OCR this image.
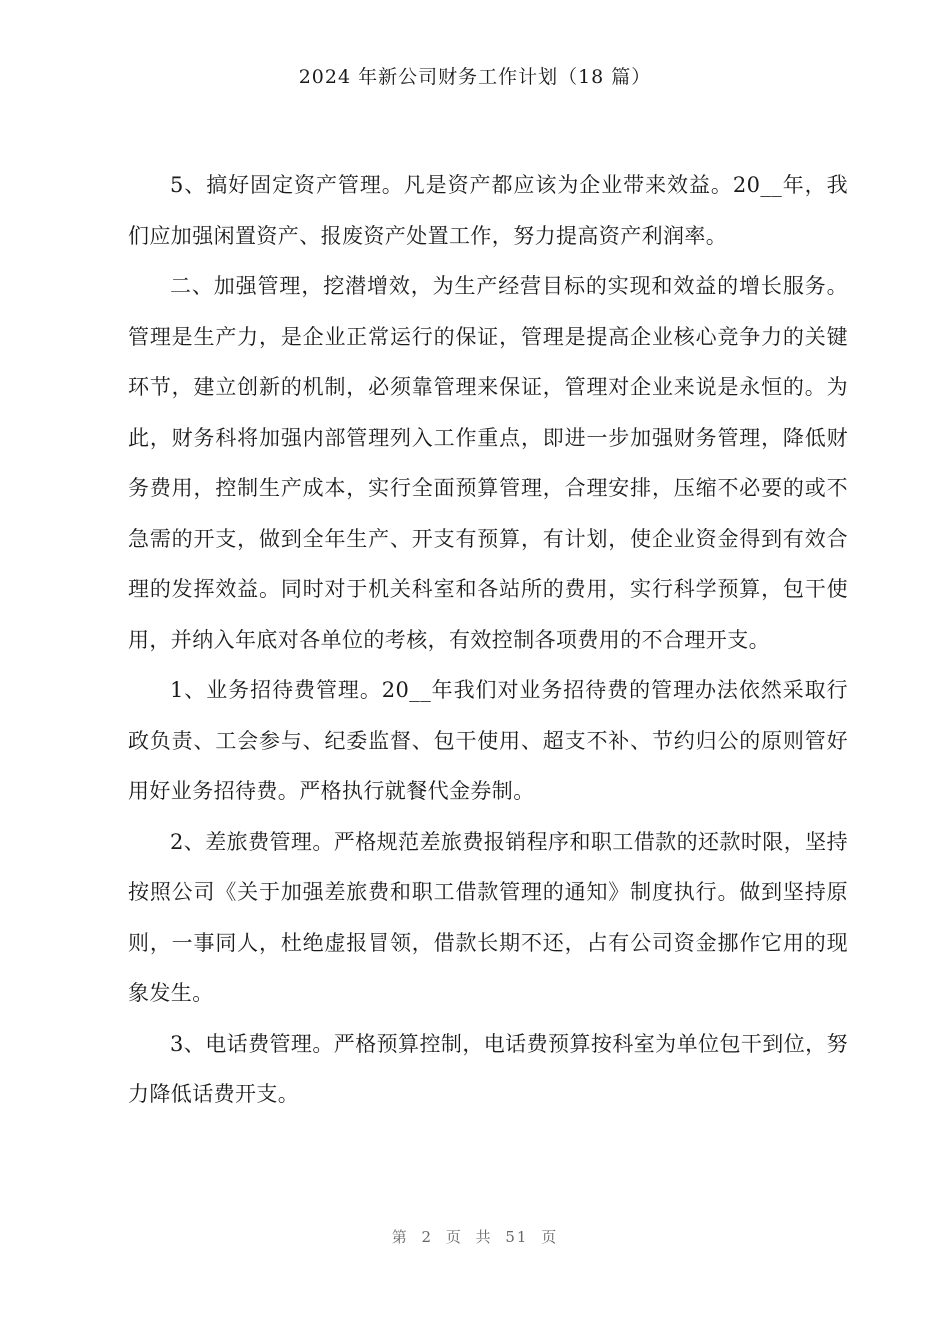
2024 年新公司财务工作计划（18 篇）

5、搞好固定资产管理。凡是资产都应该为企业带来效益。20__年，我们应加强闲置资产、报废资产处置工作，努力提高资产利润率。

二、加强管理，挖潜增效，为生产经营目标的实现和效益的增长服务。管理是生产力，是企业正常运行的保证，管理是提高企业核心竞争力的关键环节，建立创新的机制，必须靠管理来保证，管理对企业来说是永恒的。为此，财务科将加强内部管理列入工作重点，即进一步加强财务管理，降低财务费用，控制生产成本，实行全面预算管理，合理安排，压缩不必要的或不急需的开支，做到全年生产、开支有预算，有计划，使企业资金得到有效合理的发挥效益。同时对于机关科室和各站所的费用，实行科学预算，包干使用，并纳入年底对各单位的考核，有效控制各项费用的不合理开支。

1、业务招待费管理。20__年我们对业务招待费的管理办法依然采取行政负责、工会参与、纪委监督、包干使用、超支不补、节约归公的原则管好用好业务招待费。严格执行就餐代金券制。

2、差旅费管理。严格规范差旅费报销程序和职工借款的还款时限，坚持按照公司《关于加强差旅费和职工借款管理的通知》制度执行。做到坚持原则，一事同人，杜绝虚报冒领，借款长期不还，占有公司资金挪作它用的现象发生。

3、电话费管理。严格预算控制，电话费预算按科室为单位包干到位，努力降低话费开支。

第 2 页 共 51 页
